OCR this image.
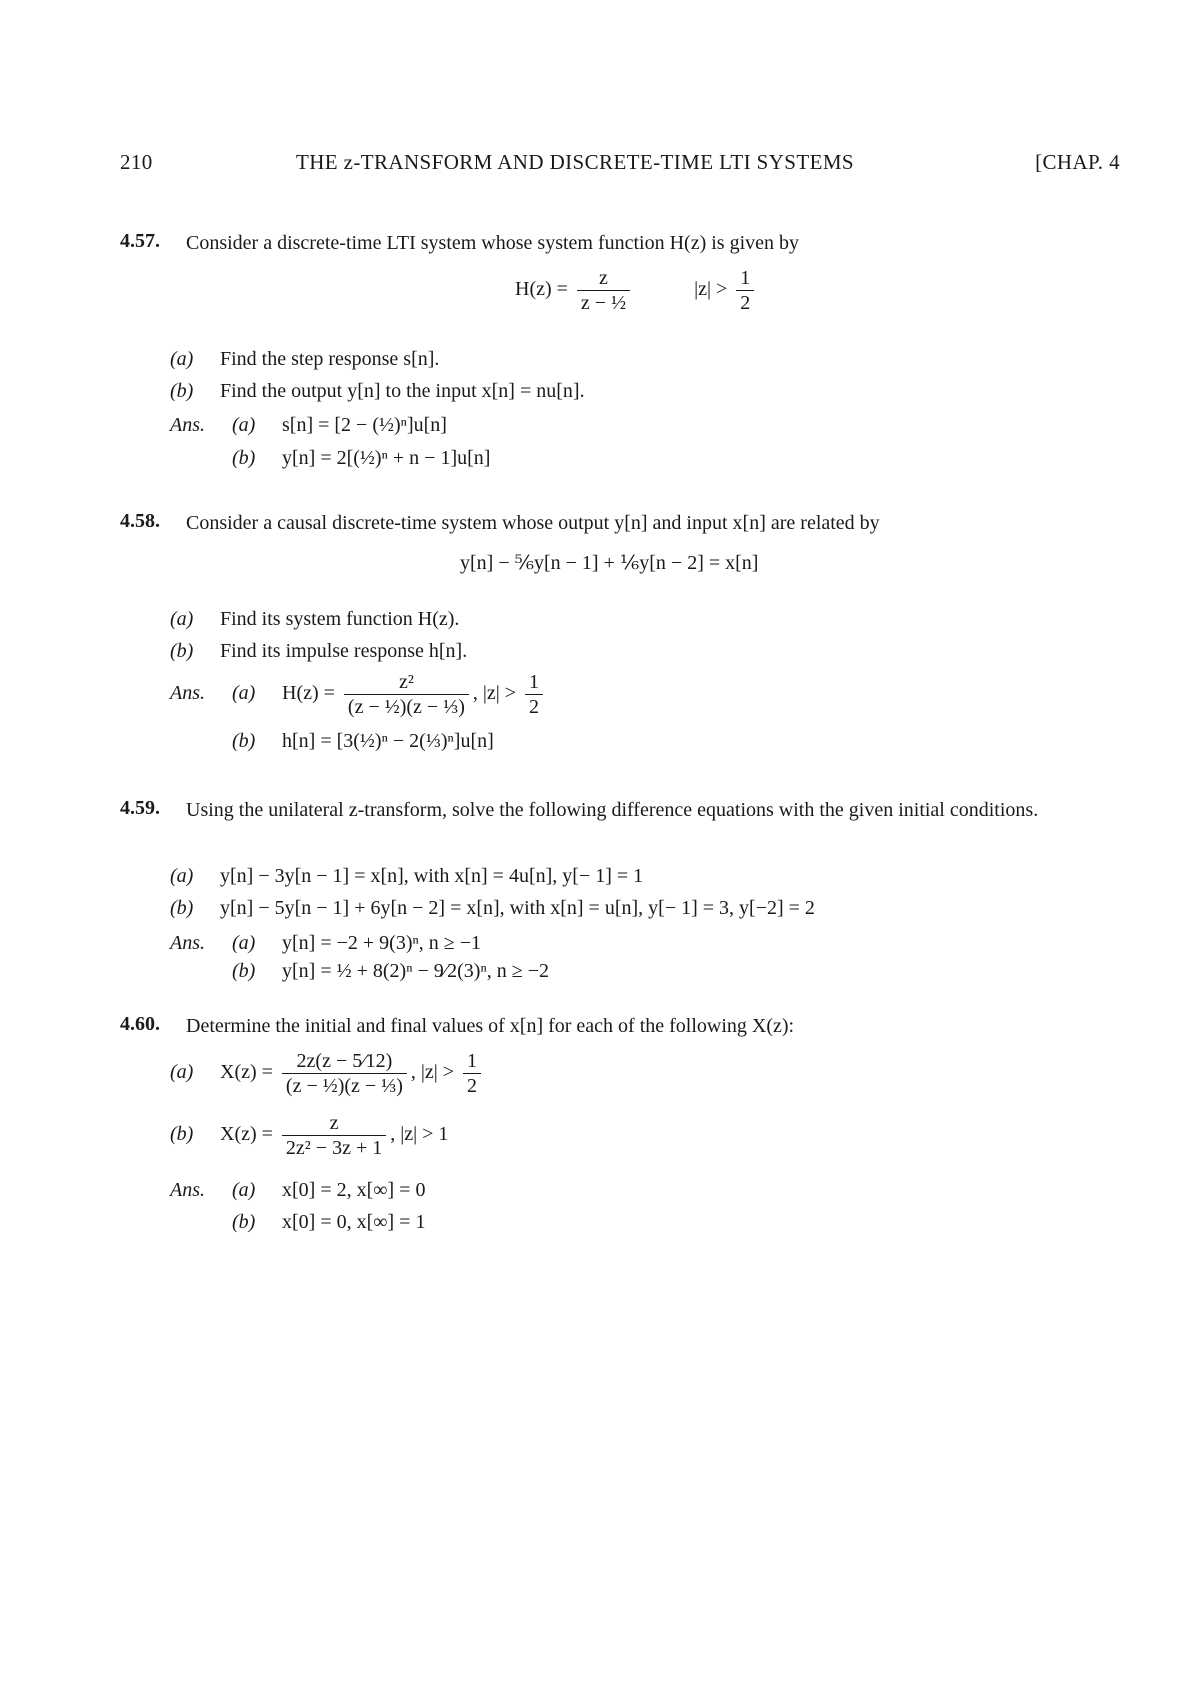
210	THE z-TRANSFORM AND DISCRETE-TIME LTI SYSTEMS	[CHAP. 4
4.57. Consider a discrete-time LTI system whose system function H(z) is given by
$H(z) = \frac{z}{\text{z − ½}}$	$|z| > \frac{1}{2}$
(a) Find the step response s[n].
(b) Find the output y[n] to the input x[n] = nu[n].
Ans. (a) s[n] = [2 − (½)ⁿ]u[n]
(b) y[n] = 2[(½)ⁿ + n − 1]u[n]
4.58. Consider a causal discrete-time system whose output y[n] and input x[n] are related by
y[n] − ⅚y[n − 1] + ⅙y[n − 2] = x[n]
(a) Find its system function H(z).
(b) Find its impulse response h[n].
Ans. (a) $H(z) = \frac{\text{z²}}{\text{(z − ½)(z − ⅓)}}$ , $|z| > \frac{1}{2}$
(b) h[n] = [3(½)ⁿ − 2(⅓)ⁿ]u[n]
4.59. Using the unilateral z-transform, solve the following difference equations with the given initial conditions.
(a) y[n] − 3y[n − 1] = x[n], with x[n] = 4u[n], y[− 1] = 1
(b) y[n] − 5y[n − 1] + 6y[n − 2] = x[n], with x[n] = u[n], y[− 1] = 3, y[−2] = 2
Ans. (a) y[n] = −2 + 9(3)ⁿ, n ≥ −1
(b) y[n] = ½ + 8(2)ⁿ − 9⁄2(3)ⁿ, n ≥ −2
4.60. Determine the initial and final values of x[n] for each of the following X(z):
(a) $X(z) = \frac{2z(z - 5⁄12)}{\text{(z − ½)(z − ⅓)}}$ , $|z| > \frac{1}{2}$
(b) $X(z) = \frac{z}{\text{2z² − 3z + 1}}$ , |z| > 1
Ans. (a) x[0] = 2, x[∞] = 0
(b) x[0] = 0, x[∞] = 1
